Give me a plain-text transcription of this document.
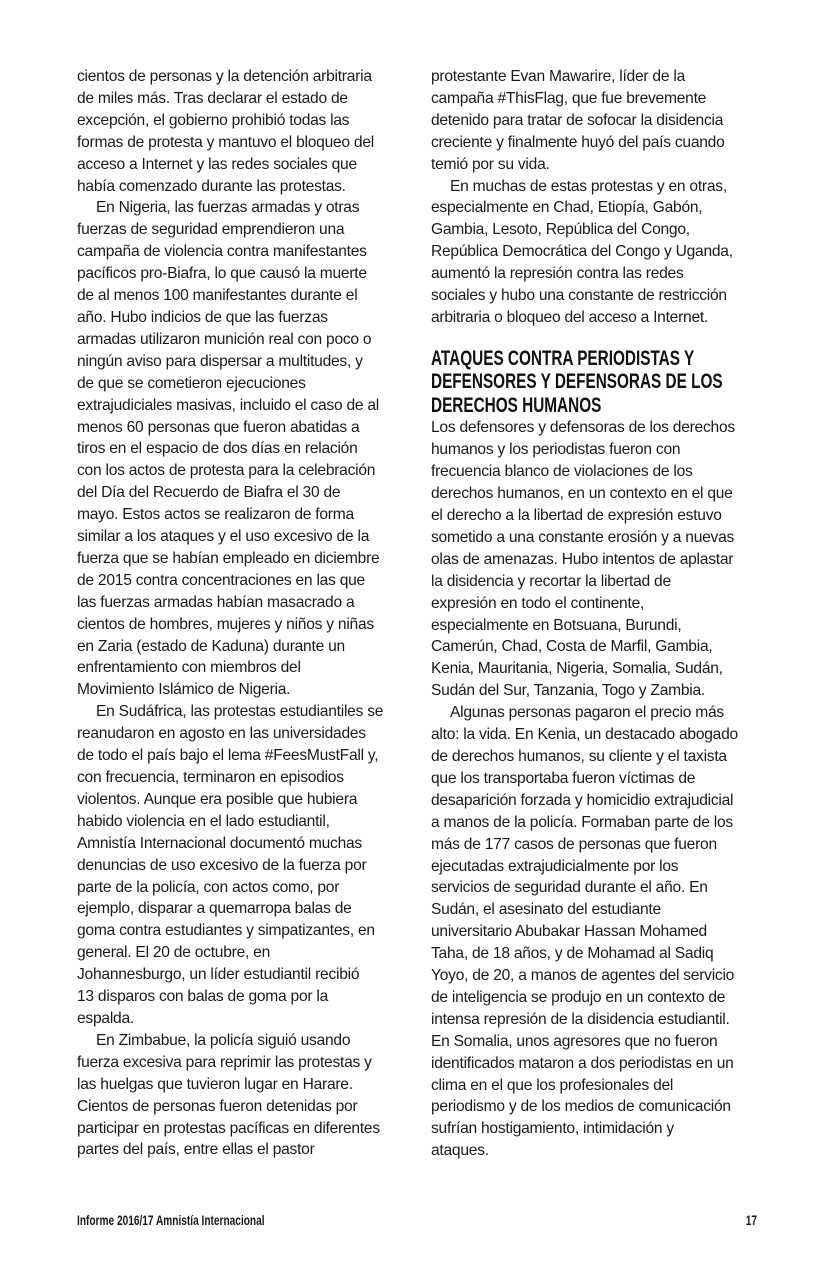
cientos de personas y la detención arbitraria
de miles más. Tras declarar el estado de
excepción, el gobierno prohibió todas las
formas de protesta y mantuvo el bloqueo del
acceso a Internet y las redes sociales que
había comenzado durante las protestas.
En Nigeria, las fuerzas armadas y otras
fuerzas de seguridad emprendieron una
campaña de violencia contra manifestantes
pacíficos pro-Biafra, lo que causó la muerte
de al menos 100 manifestantes durante el
año. Hubo indicios de que las fuerzas
armadas utilizaron munición real con poco o
ningún aviso para dispersar a multitudes, y
de que se cometieron ejecuciones
extrajudiciales masivas, incluido el caso de al
menos 60 personas que fueron abatidas a
tiros en el espacio de dos días en relación
con los actos de protesta para la celebración
del Día del Recuerdo de Biafra el 30 de
mayo. Estos actos se realizaron de forma
similar a los ataques y el uso excesivo de la
fuerza que se habían empleado en diciembre
de 2015 contra concentraciones en las que
las fuerzas armadas habían masacrado a
cientos de hombres, mujeres y niños y niñas
en Zaria (estado de Kaduna) durante un
enfrentamiento con miembros del
Movimiento Islámico de Nigeria.
En Sudáfrica, las protestas estudiantiles se
reanudaron en agosto en las universidades
de todo el país bajo el lema #FeesMustFall y,
con frecuencia, terminaron en episodios
violentos. Aunque era posible que hubiera
habido violencia en el lado estudiantil,
Amnistía Internacional documentó muchas
denuncias de uso excesivo de la fuerza por
parte de la policía, con actos como, por
ejemplo, disparar a quemarropa balas de
goma contra estudiantes y simpatizantes, en
general. El 20 de octubre, en
Johannesburgo, un líder estudiantil recibió
13 disparos con balas de goma por la
espalda.
En Zimbabue, la policía siguió usando
fuerza excesiva para reprimir las protestas y
las huelgas que tuvieron lugar en Harare.
Cientos de personas fueron detenidas por
participar en protestas pacíficas en diferentes
partes del país, entre ellas el pastor
protestante Evan Mawarire, líder de la
campaña #ThisFlag, que fue brevemente
detenido para tratar de sofocar la disidencia
creciente y finalmente huyó del país cuando
temió por su vida.
En muchas de estas protestas y en otras,
especialmente en Chad, Etiopía, Gabón,
Gambia, Lesoto, República del Congo,
República Democrática del Congo y Uganda,
aumentó la represión contra las redes
sociales y hubo una constante de restricción
arbitraria o bloqueo del acceso a Internet.
ATAQUES CONTRA PERIODISTAS Y
DEFENSORES Y DEFENSORAS DE LOS
DERECHOS HUMANOS
Los defensores y defensoras de los derechos
humanos y los periodistas fueron con
frecuencia blanco de violaciones de los
derechos humanos, en un contexto en el que
el derecho a la libertad de expresión estuvo
sometido a una constante erosión y a nuevas
olas de amenazas. Hubo intentos de aplastar
la disidencia y recortar la libertad de
expresión en todo el continente,
especialmente en Botsuana, Burundi,
Camerún, Chad, Costa de Marfil, Gambia,
Kenia, Mauritania, Nigeria, Somalia, Sudán,
Sudán del Sur, Tanzania, Togo y Zambia.
Algunas personas pagaron el precio más
alto: la vida. En Kenia, un destacado abogado
de derechos humanos, su cliente y el taxista
que los transportaba fueron víctimas de
desaparición forzada y homicidio extrajudicial
a manos de la policía. Formaban parte de los
más de 177 casos de personas que fueron
ejecutadas extrajudicialmente por los
servicios de seguridad durante el año. En
Sudán, el asesinato del estudiante
universitario Abubakar Hassan Mohamed
Taha, de 18 años, y de Mohamad al Sadiq
Yoyo, de 20, a manos de agentes del servicio
de inteligencia se produjo en un contexto de
intensa represión de la disidencia estudiantil.
En Somalia, unos agresores que no fueron
identificados mataron a dos periodistas en un
clima en el que los profesionales del
periodismo y de los medios de comunicación
sufrían hostigamiento, intimidación y
ataques.
Informe 2016/17 Amnistía Internacional	17
